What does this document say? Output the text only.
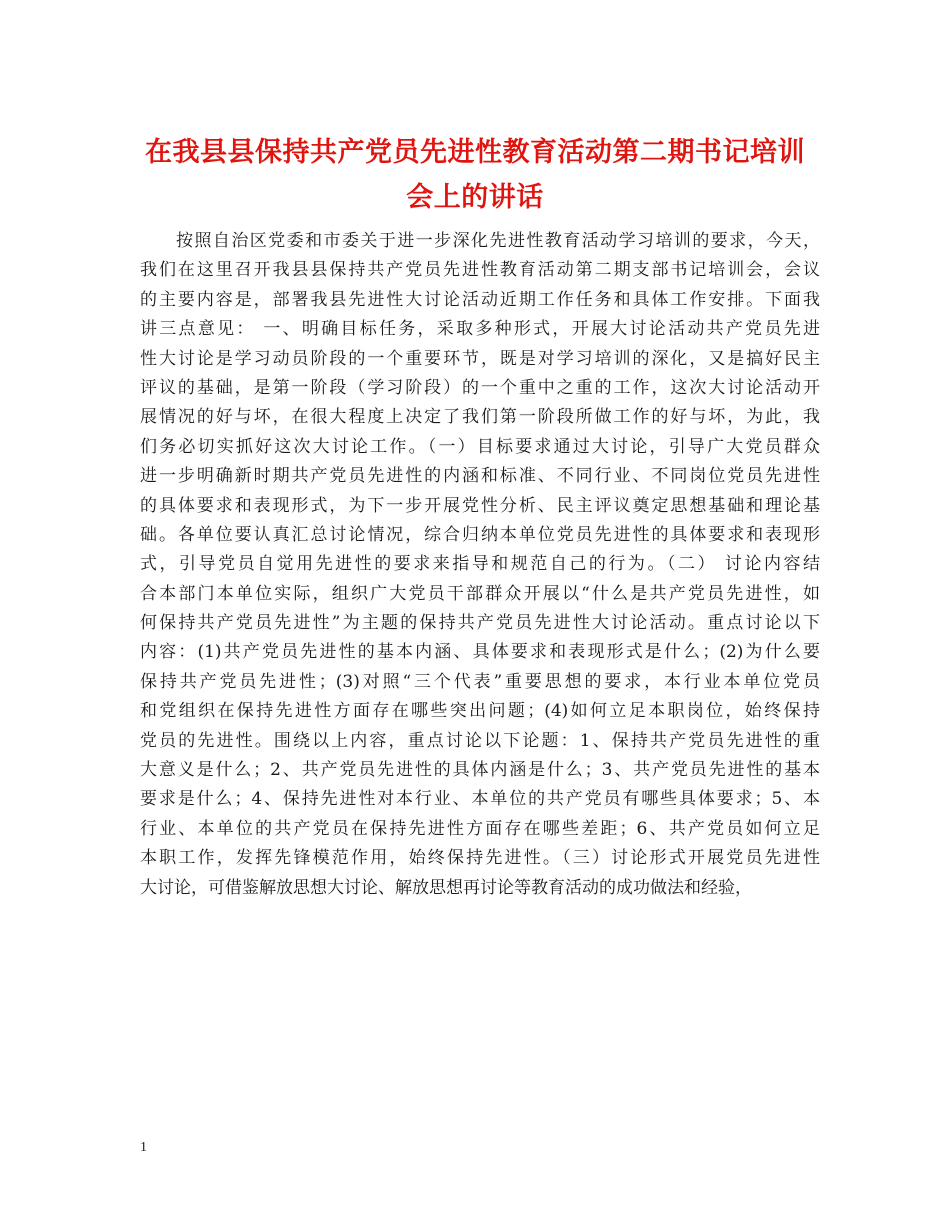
在我县县保持共产党员先进性教育活动第二期书记培训
会上的讲话
按照自治区党委和市委关于进一步深化先进性教育活动学习培训的要求，今天，
我们在这里召开我县县保持共产党员先进性教育活动第二期支部书记培训会，会议
的主要内容是，部署我县先进性大讨论活动近期工作任务和具体工作安排。下面我
讲三点意见： 一、明确目标任务，采取多种形式，开展大讨论活动共产党员先进
性大讨论是学习动员阶段的一个重要环节，既是对学习培训的深化，又是搞好民主
评议的基础，是第一阶段（学习阶段）的一个重中之重的工作，这次大讨论活动开
展情况的好与坏，在很大程度上决定了我们第一阶段所做工作的好与坏，为此，我
们务必切实抓好这次大讨论工作。（一）目标要求通过大讨论，引导广大党员群众
进一步明确新时期共产党员先进性的内涵和标准、不同行业、不同岗位党员先进性
的具体要求和表现形式，为下一步开展党性分析、民主评议奠定思想基础和理论基
础。各单位要认真汇总讨论情况，综合归纳本单位党员先进性的具体要求和表现形
式，引导党员自觉用先进性的要求来指导和规范自己的行为。（二） 讨论内容结
合本部门本单位实际，组织广大党员干部群众开展以“什么是共产党员先进性，如
何保持共产党员先进性”为主题的保持共产党员先进性大讨论活动。重点讨论以下
内容：(1)共产党员先进性的基本内涵、具体要求和表现形式是什么；(2)为什么要
保持共产党员先进性；(3)对照“三个代表”重要思想的要求，本行业本单位党员
和党组织在保持先进性方面存在哪些突出问题；(4)如何立足本职岗位，始终保持
党员的先进性。围绕以上内容，重点讨论以下论题：1、保持共产党员先进性的重
大意义是什么；2、共产党员先进性的具体内涵是什么；3、共产党员先进性的基本
要求是什么；4、保持先进性对本行业、本单位的共产党员有哪些具体要求；5、本
行业、本单位的共产党员在保持先进性方面存在哪些差距；6、共产党员如何立足
本职工作，发挥先锋模范作用，始终保持先进性。（三）讨论形式开展党员先进性
大讨论，可借鉴解放思想大讨论、解放思想再讨论等教育活动的成功做法和经验，
1
